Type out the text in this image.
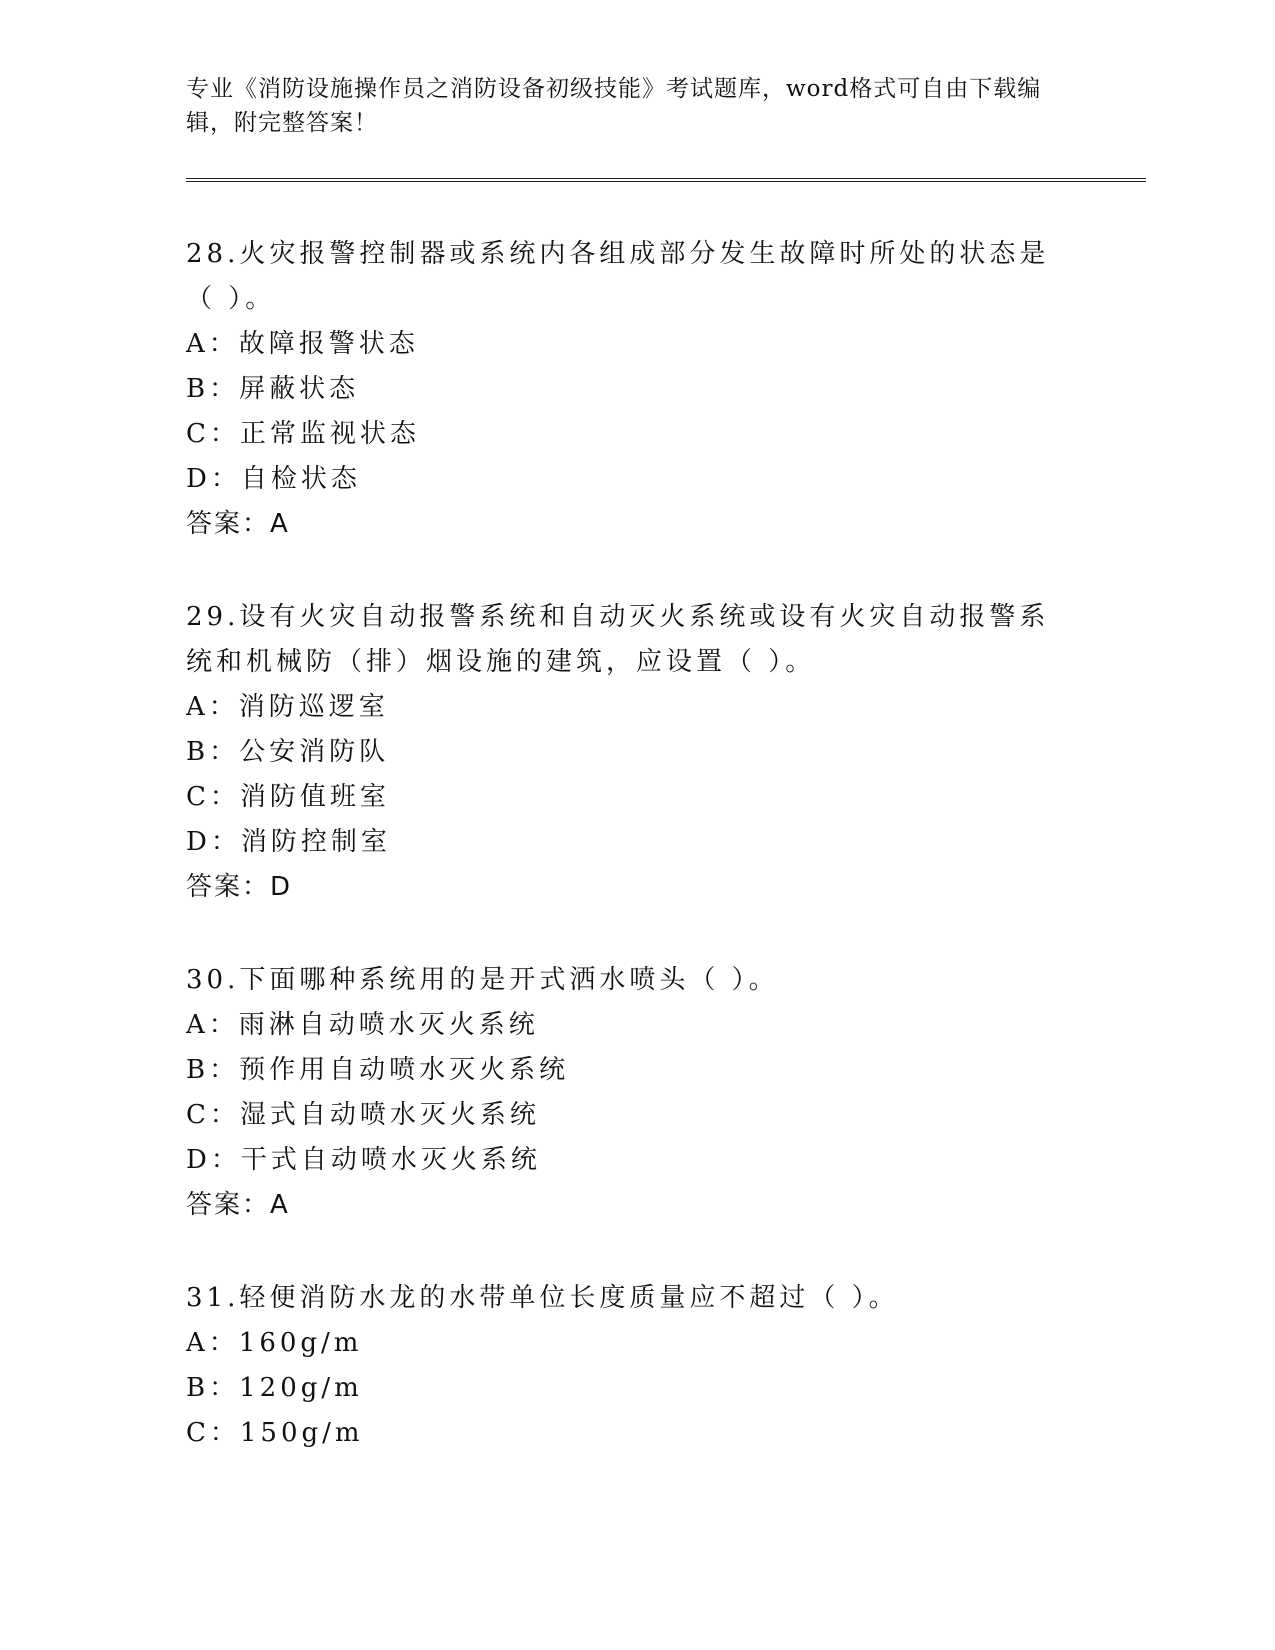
专业《消防设施操作员之消防设备初级技能》考试题库，word格式可自由下载编辑，附完整答案！
28.火灾报警控制器或系统内各组成部分发生故障时所处的状态是（ ）。
A：故障报警状态
B：屏蔽状态
C：正常监视状态
D：自检状态
答案：A
29.设有火灾自动报警系统和自动灭火系统或设有火灾自动报警系统和机械防（排）烟设施的建筑，应设置（ ）。
A：消防巡逻室
B：公安消防队
C：消防值班室
D：消防控制室
答案：D
30.下面哪种系统用的是开式洒水喷头（ ）。
A：雨淋自动喷水灭火系统
B：预作用自动喷水灭火系统
C：湿式自动喷水灭火系统
D：干式自动喷水灭火系统
答案：A
31.轻便消防水龙的水带单位长度质量应不超过（ ）。
A：160g/m
B：120g/m
C：150g/m
